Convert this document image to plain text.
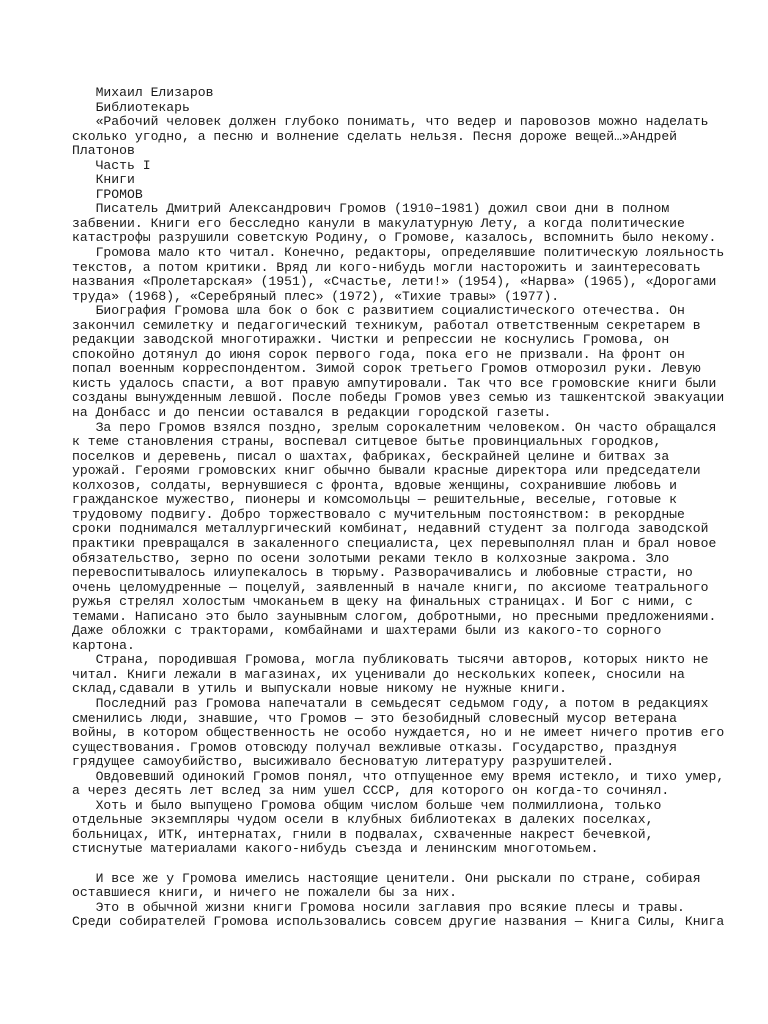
Михаил Елизаров
Библиотекарь
«Рабочий человек должен глубоко понимать, что ведер и паровозов можно наделать
сколько угодно, а песню и волнение сделать нельзя. Песня дороже вещей…»Андрей
Платонов
Часть I
Книги
ГРОМОВ
Писатель Дмитрий Александрович Громов (1910–1981) дожил свои дни в полном
забвении. Книги его бесследно канули в макулатурную Лету, а когда политические
катастрофы разрушили советскую Родину, о Громове, казалось, вспомнить было некому.
Громова мало кто читал. Конечно, редакторы, определявшие политическую лояльность
текстов, а потом критики. Вряд ли кого-нибудь могли насторожить и заинтересовать
названия «Пролетарская» (1951), «Счастье, лети!» (1954), «Нарва» (1965), «Дорогами
труда» (1968), «Серебряный плес» (1972), «Тихие травы» (1977).
Биография Громова шла бок о бок с развитием социалистического отечества. Он
закончил семилетку и педагогический техникум, работал ответственным секретарем в
редакции заводской многотиражки. Чистки и репрессии не коснулись Громова, он
спокойно дотянул до июня сорок первого года, пока его не призвали. На фронт он
попал военным корреспондентом. Зимой сорок третьего Громов отморозил руки. Левую
кисть удалось спасти, а вот правую ампутировали. Так что все громовские книги были
созданы вынужденным левшой. После победы Громов увез семью из ташкентской эвакуации
на Донбасс и до пенсии оставался в редакции городской газеты.
За перо Громов взялся поздно, зрелым сорокалетним человеком. Он часто обращался
к теме становления страны, воспевал ситцевое бытье провинциальных городков,
поселков и деревень, писал о шахтах, фабриках, бескрайней целине и битвах за
урожай. Героями громовских книг обычно бывали красные директора или председатели
колхозов, солдаты, вернувшиеся с фронта, вдовые женщины, сохранившие любовь и
гражданское мужество, пионеры и комсомольцы — решительные, веселые, готовые к
трудовому подвигу. Добро торжествовало с мучительным постоянством: в рекордные
сроки поднимался металлургический комбинат, недавний студент за полгода заводской
практики превращался в закаленного специалиста, цех перевыполнял план и брал новое
обязательство, зерно по осени золотыми реками текло в колхозные закрома. Зло
перевоспитывалось илиупекалось в тюрьму. Разворачивались и любовные страсти, но
очень целомудренные — поцелуй, заявленный в начале книги, по аксиоме театрального
ружья стрелял холостым чмоканьем в щеку на финальных страницах. И Бог с ними, с
темами. Написано это было заунывным слогом, добротными, но пресными предложениями.
Даже обложки с тракторами, комбайнами и шахтерами были из какого-то сорного
картона.
Страна, породившая Громова, могла публиковать тысячи авторов, которых никто не
читал. Книги лежали в магазинах, их уценивали до нескольких копеек, сносили на
склад,сдавали в утиль и выпускали новые никому не нужные книги.
Последний раз Громова напечатали в семьдесят седьмом году, а потом в редакциях
сменились люди, знавшие, что Громов — это безобидный словесный мусор ветерана
войны, в котором общественность не особо нуждается, но и не имеет ничего против его
существования. Громов отовсюду получал вежливые отказы. Государство, празднуя
грядущее самоубийство, высиживало бесноватую литературу разрушителей.
Овдовевший одинокий Громов понял, что отпущенное ему время истекло, и тихо умер,
а через десять лет вслед за ним ушел СССР, для которого он когда-то сочинял.
Хоть и было выпущено Громова общим числом больше чем полмиллиона, только
отдельные экземпляры чудом осели в клубных библиотеках в далеких поселках,
больницах, ИТК, интернатах, гнили в подвалах, схваченные накрест бечевкой,
стиснутые материалами какого-нибудь съезда и ленинским многотомьем.
И все же у Громова имелись настоящие ценители. Они рыскали по стране, собирая
оставшиеся книги, и ничего не пожалели бы за них.
Это в обычной жизни книги Громова носили заглавия про всякие плесы и травы.
Среди собирателей Громова использовались совсем другие названия — Книга Силы, Книга
